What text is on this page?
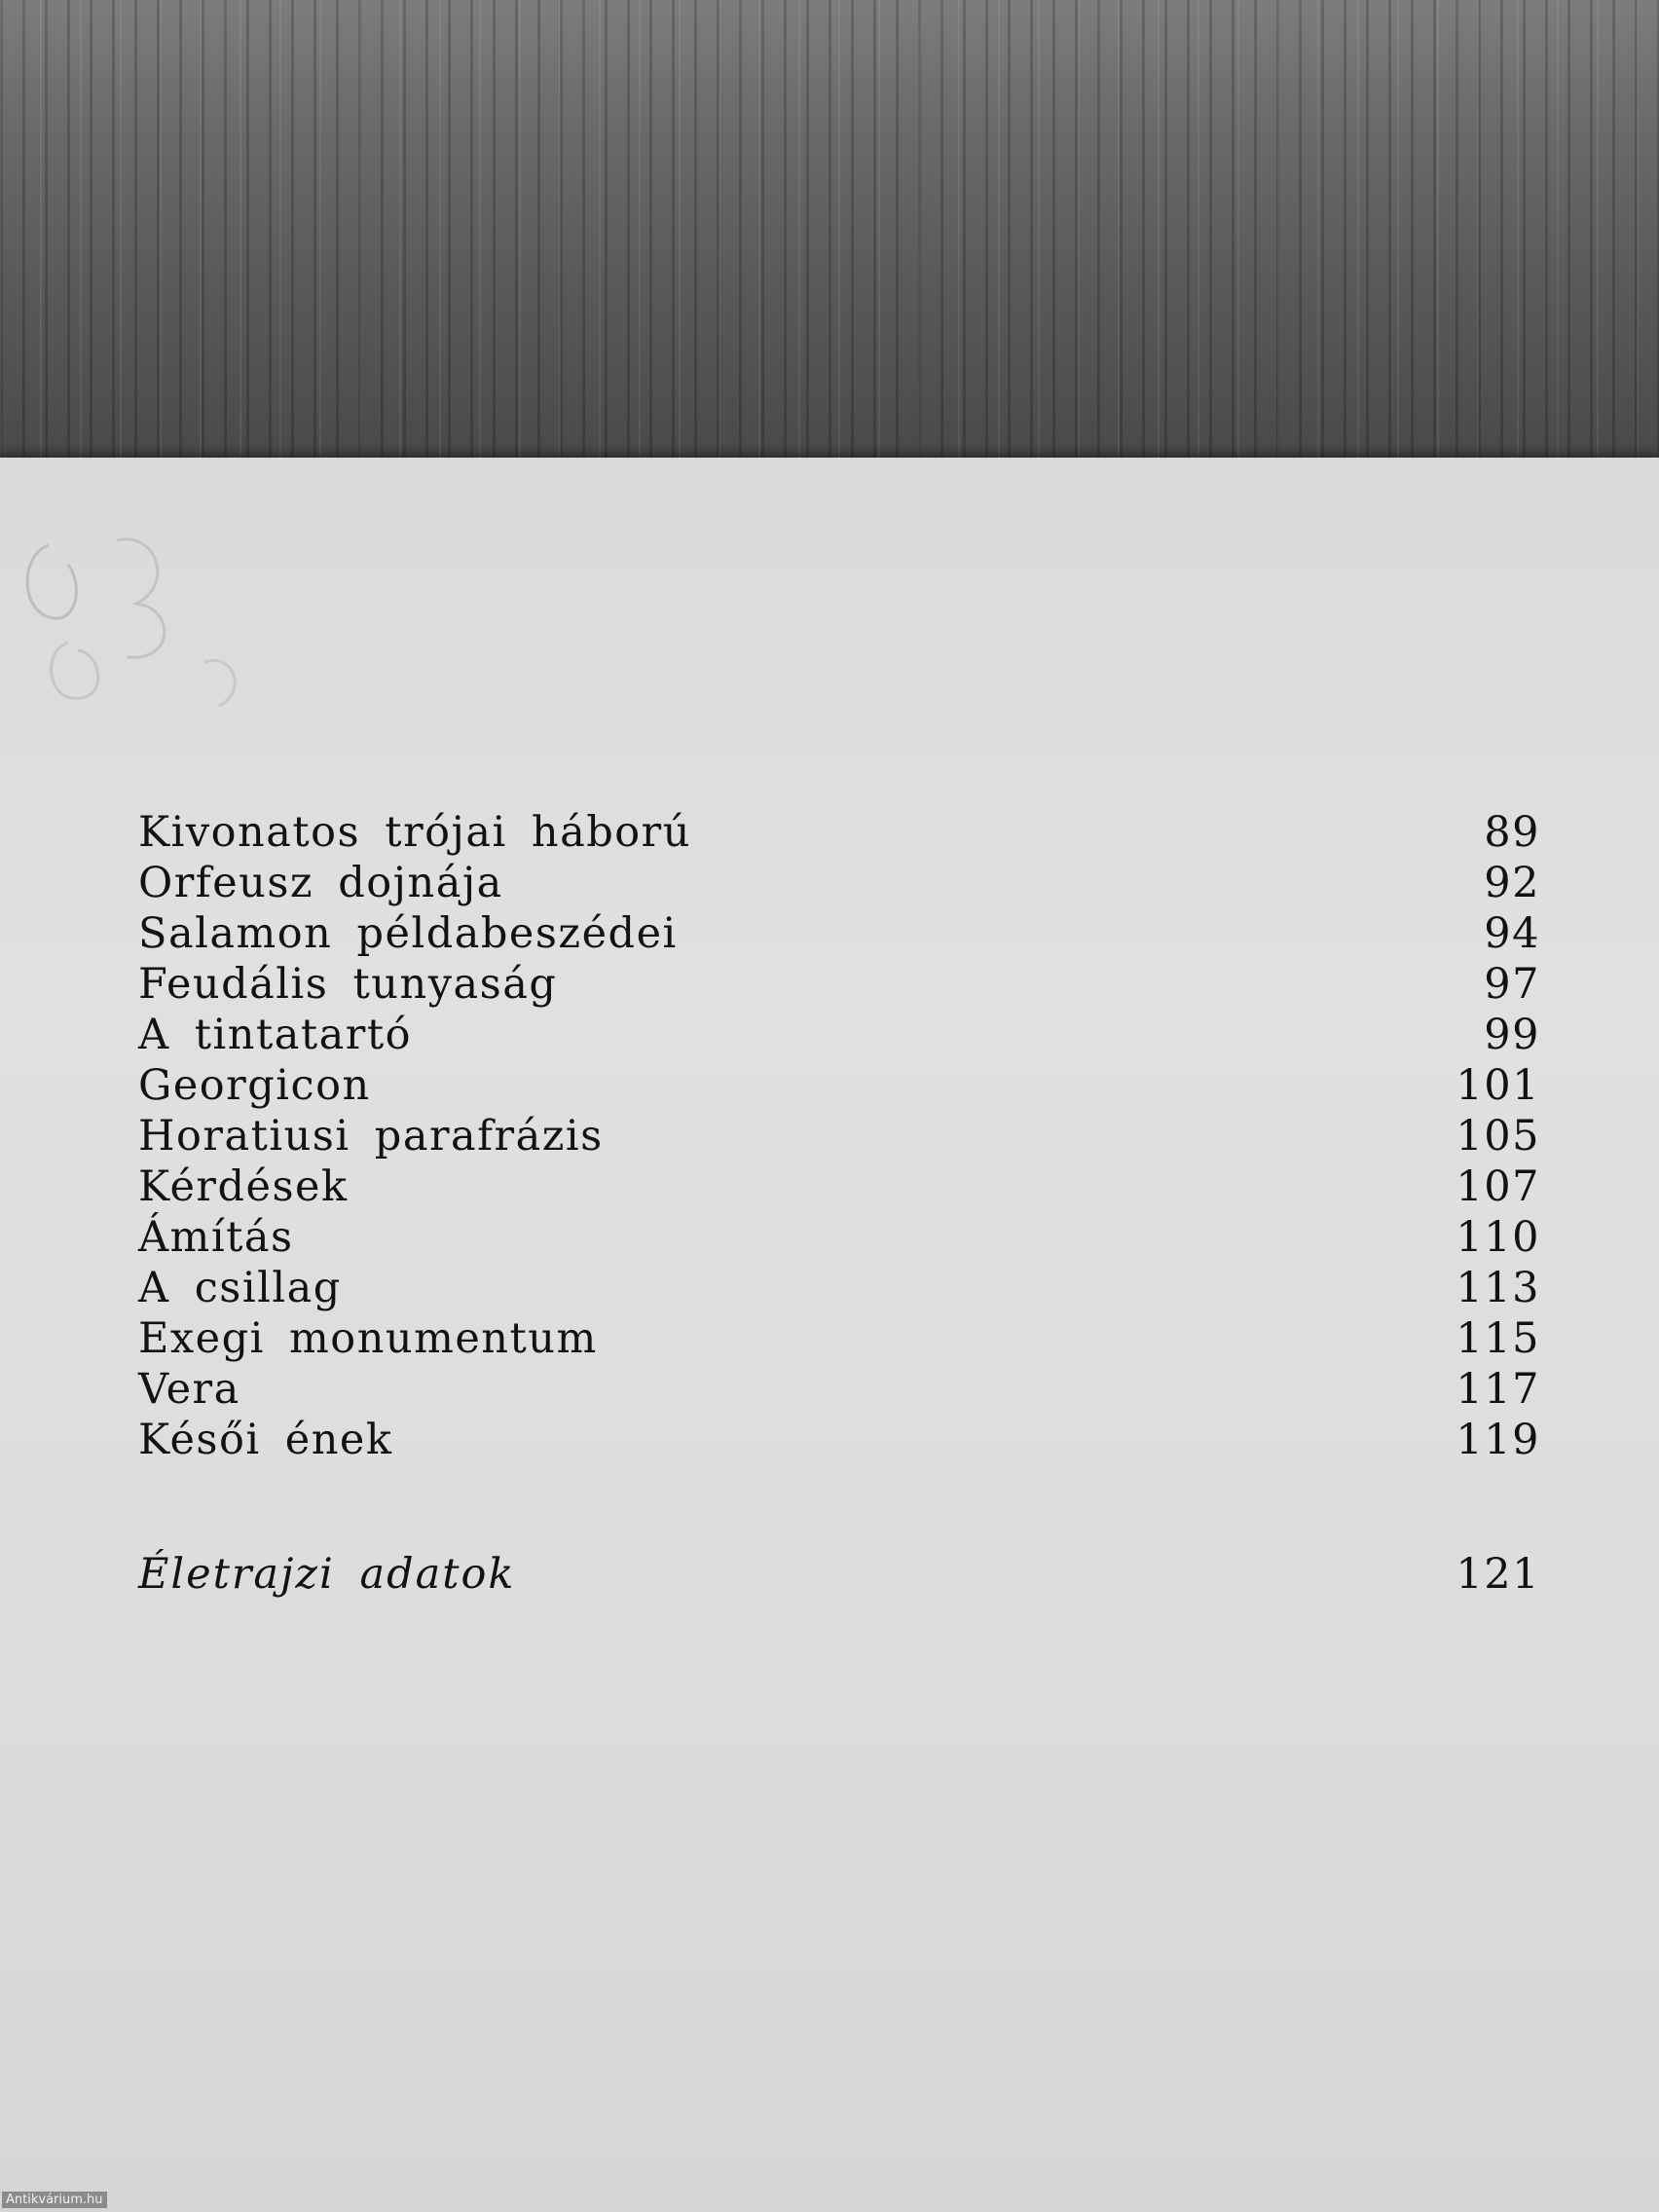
Kivonatos trójai háború	89
Orfeusz dojnája	92
Salamon példabeszédei	94
Feudális tunyaság	97
A tintatartó	99
Georgicon	101
Horatiusi parafrázis	105
Kérdések	107
Ámítás	110
A csillag	113
Exegi monumentum	115
Vera	117
Késői ének	119
Életrajzi adatok	121
Antikvárium.hu
